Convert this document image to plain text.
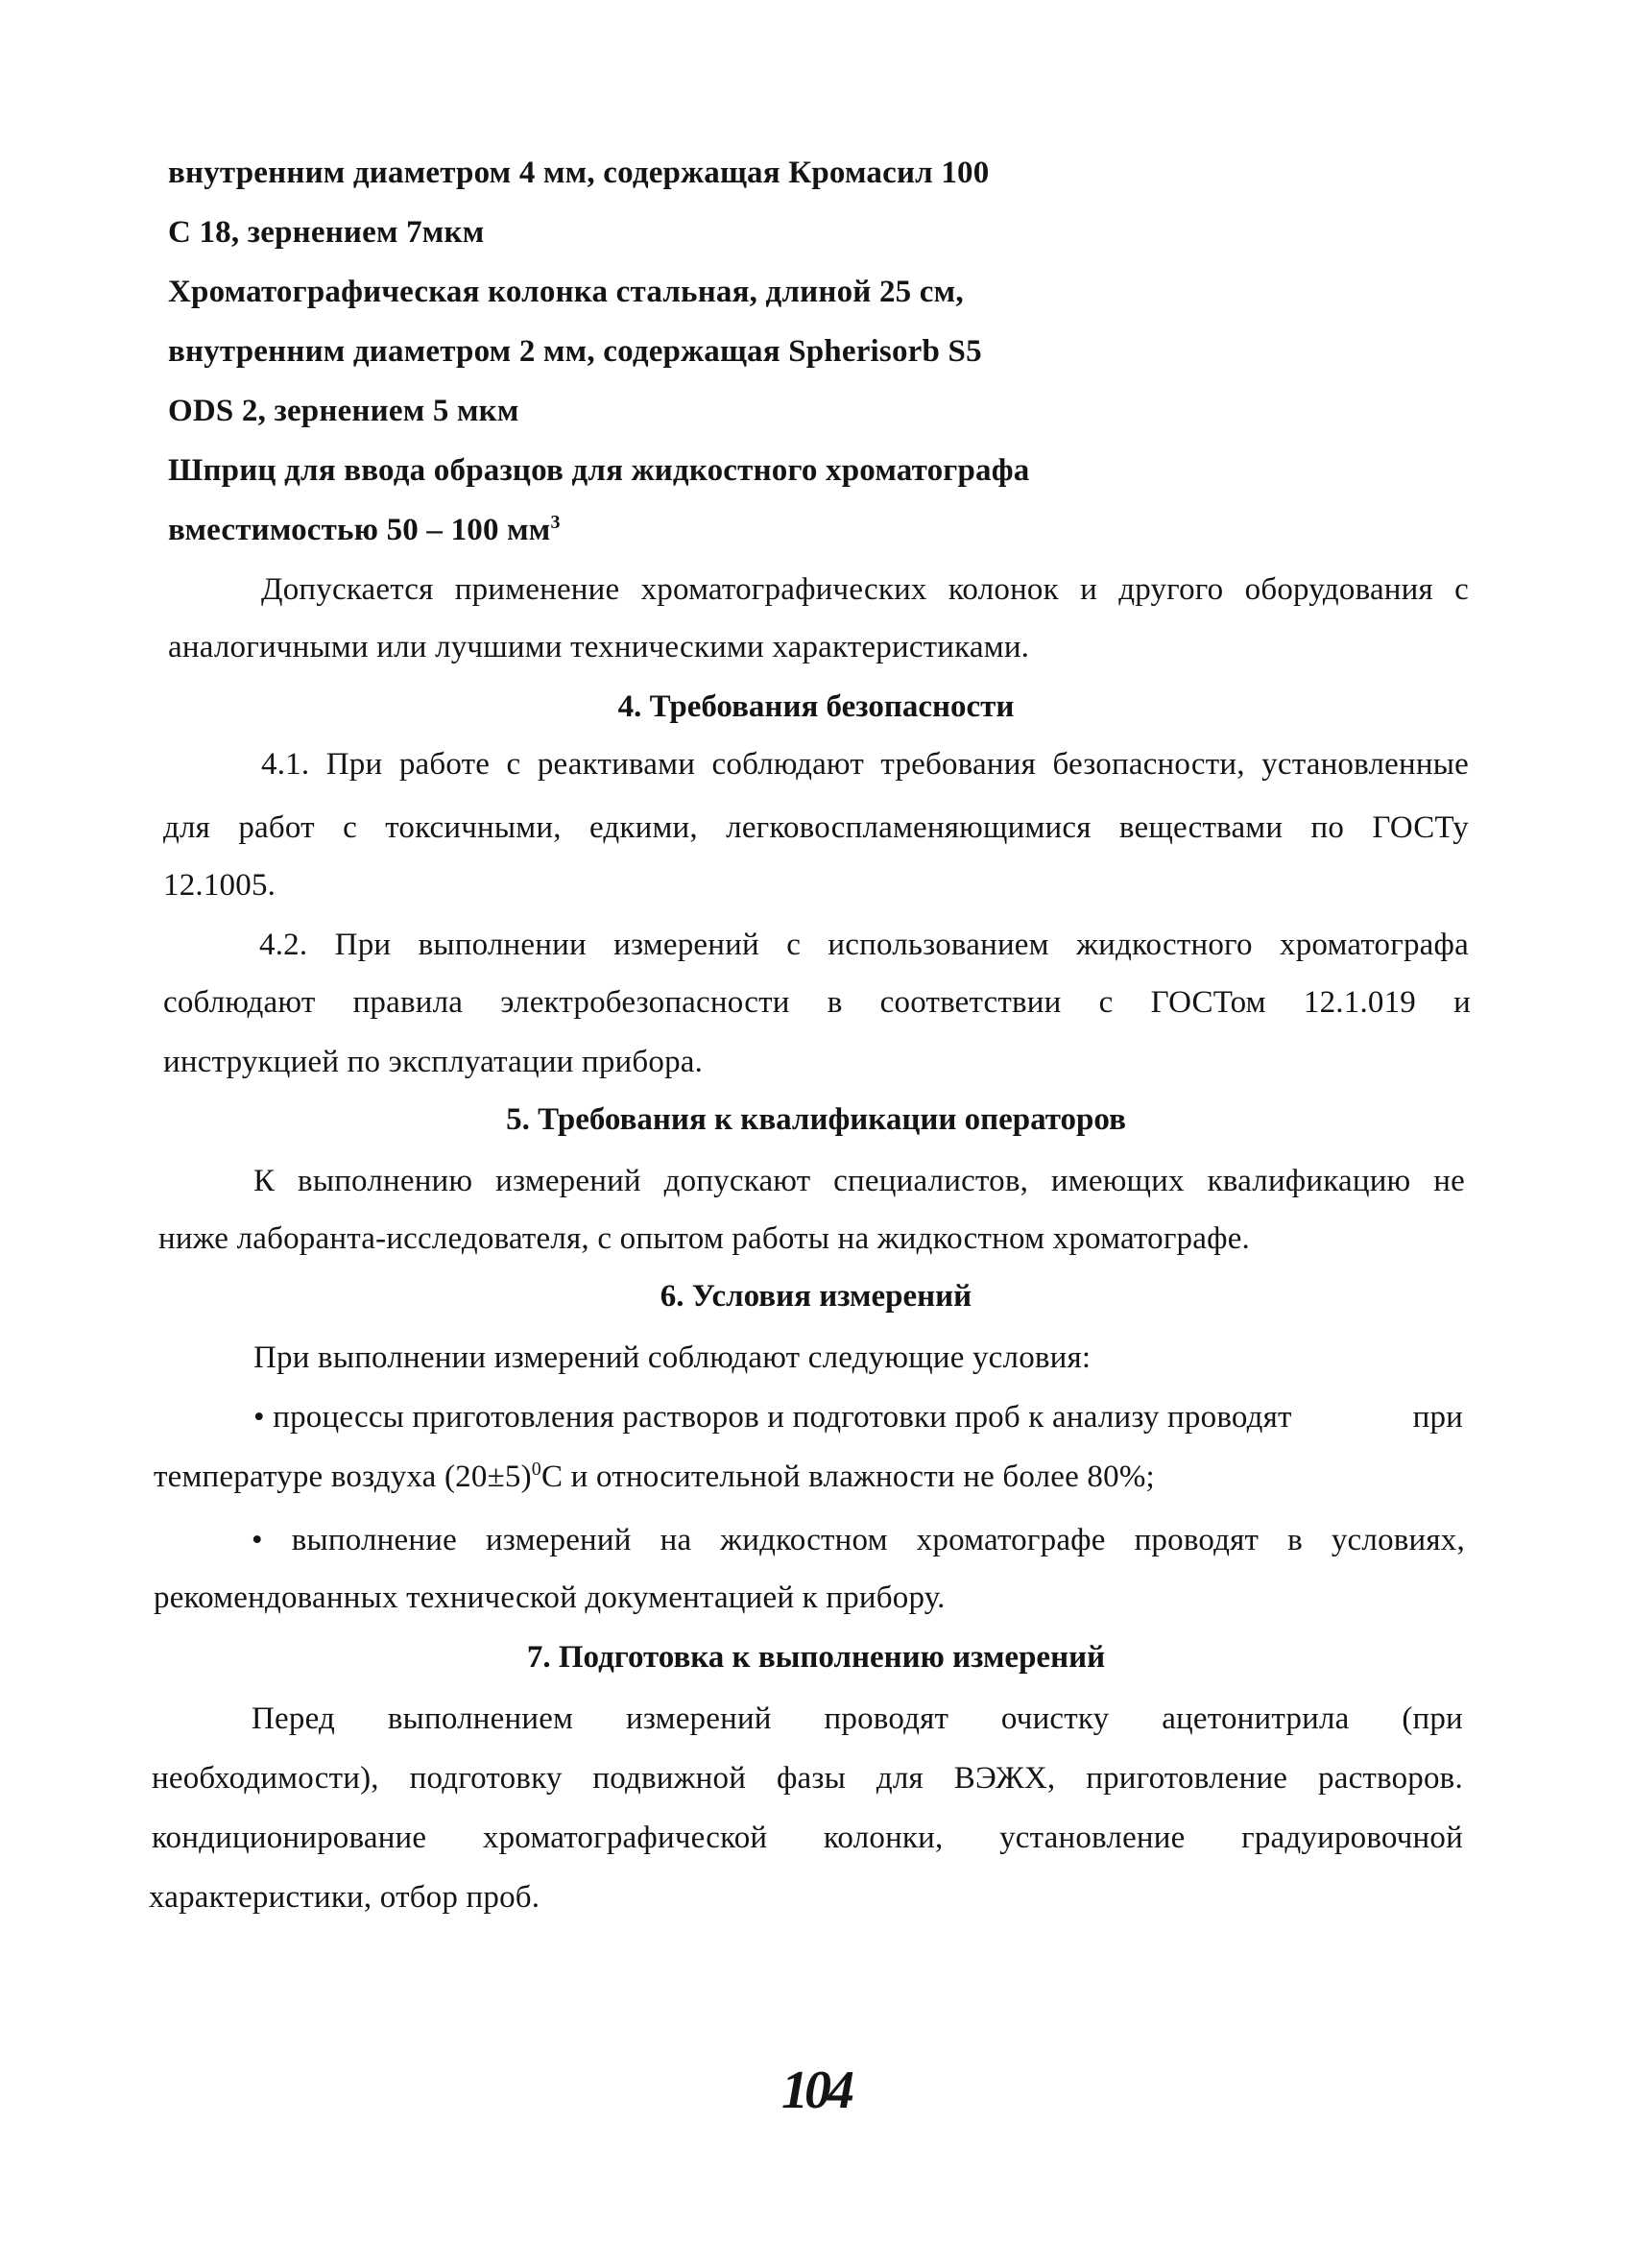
внутренним диаметром 4 мм, содержащая Кромасил 100
С 18, зернением 7мкм
Хроматографическая колонка стальная, длиной 25 см,
внутренним диаметром 2 мм, содержащая Spherisorb S5
ODS 2, зернением 5 мкм
Шприц для ввода образцов для жидкостного хроматографа
вместимостью 50 – 100 $мм^3$
Допускается применение хроматографических колонок и другого оборудования с
аналогичными или лучшими техническими характеристиками.
4. Требования безопасности
4.1. При работе с реактивами соблюдают требования безопасности, установленные
для работ с токсичными, едкими, легковоспламеняющимися веществами по ГОСТу
12.1005.
4.2. При выполнении измерений с использованием жидкостного хроматографа
соблюдают правила электробезопасности в соответствии с ГОСТом 12.1.019 и
инструкцией по эксплуатации прибора.
5. Требования к квалификации операторов
К выполнению измерений допускают специалистов, имеющих квалификацию не
ниже лаборанта-исследователя, с опытом работы на жидкостном хроматографе.
6. Условия измерений
При выполнении измерений соблюдают следующие условия:
• процессы приготовления растворов и подготовки проб к анализу проводят	при
температуре воздуха $(20\pm 5)^0С$ и относительной влажности не более 80%;
• выполнение измерений на жидкостном хроматографе проводят в условиях,
рекомендованных технической документацией к прибору.
7. Подготовка к выполнению измерений
Перед выполнением измерений проводят очистку ацетонитрила (при
необходимости), подготовку подвижной фазы для ВЭЖХ, приготовление растворов.
кондиционирование хроматографической колонки, установление градуировочной
характеристики, отбор проб.
104
